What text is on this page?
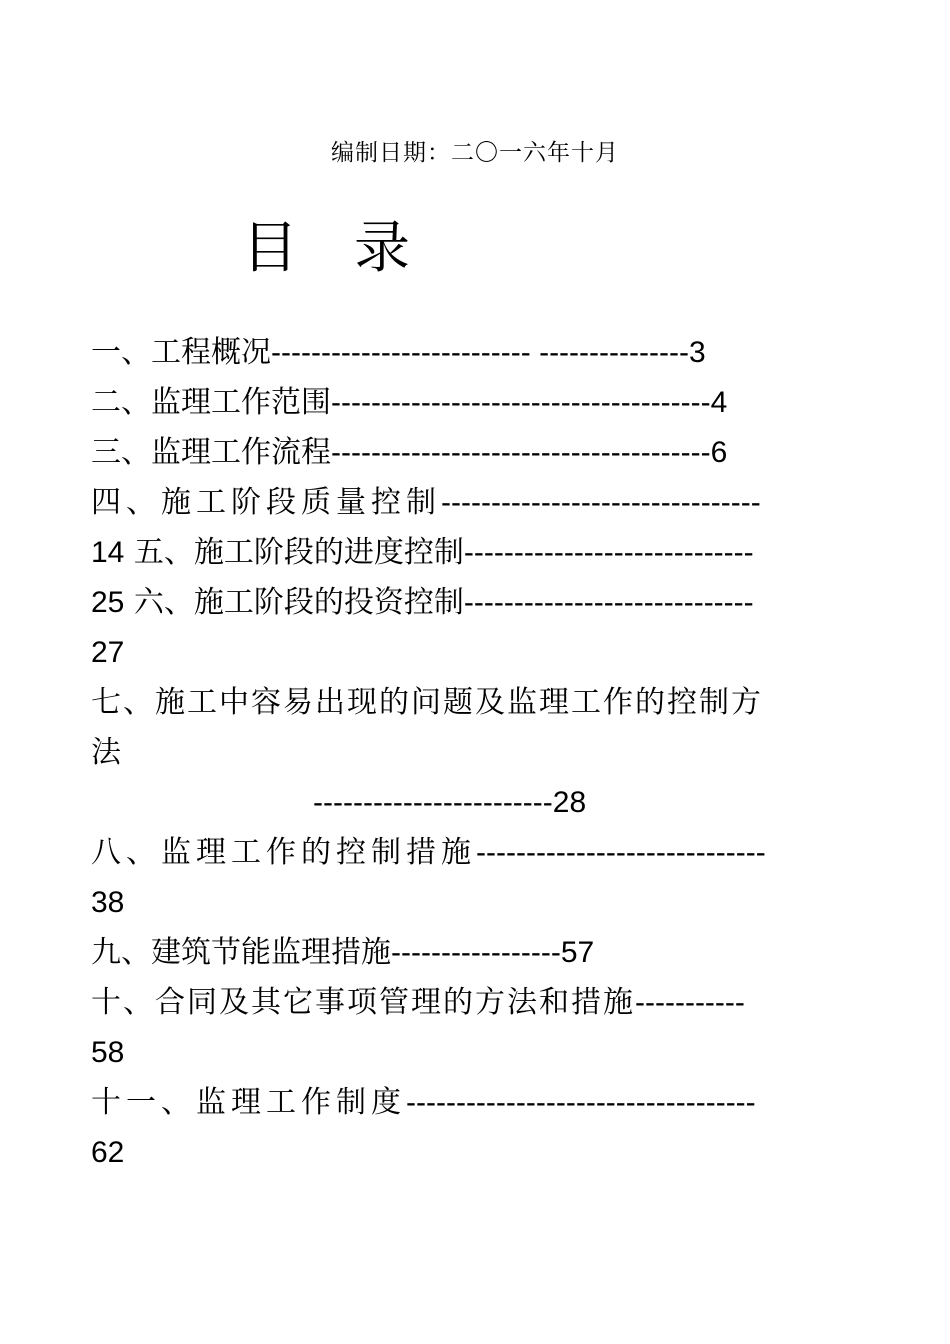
编制日期：二〇一六年十月
目 录
一、工程概况-------------------------- ---------------3
二、监理工作范围--------------------------------------4
三、监理工作流程--------------------------------------6
四、施工阶段质量控制--------------------------------
14 五、施工阶段的进度控制-----------------------------
25 六、施工阶段的投资控制-----------------------------
27
七、施工中容易出现的问题及监理工作的控制方
法
------------------------28
八、监理工作的控制措施-----------------------------
38
九、建筑节能监理措施-----------------57
十、合同及其它事项管理的方法和措施-----------
58
十一、监理工作制度-----------------------------------
62
